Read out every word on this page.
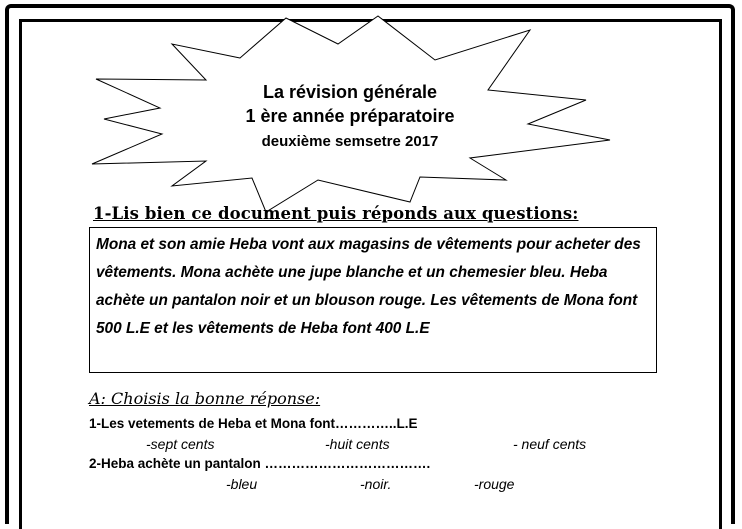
La révision générale
1 ère année préparatoire
deuxième semsetre 2017
1-Lis bien ce document puis réponds aux questions:
Mona et son amie Heba vont aux magasins de vêtements pour acheter des vêtements. Mona achète une jupe blanche et un chemesier bleu. Heba achète un pantalon noir et un blouson rouge. Les vêtements de Mona font 500 L.E et les vêtements de Heba font 400 L.E
A: Choisis la bonne réponse:
1-Les vetements de Heba et Mona font…………..L.E
-sept cents	-huit cents	- neuf cents
2-Heba achète un pantalon ……………………………….
-bleu	-noir.	-rouge
